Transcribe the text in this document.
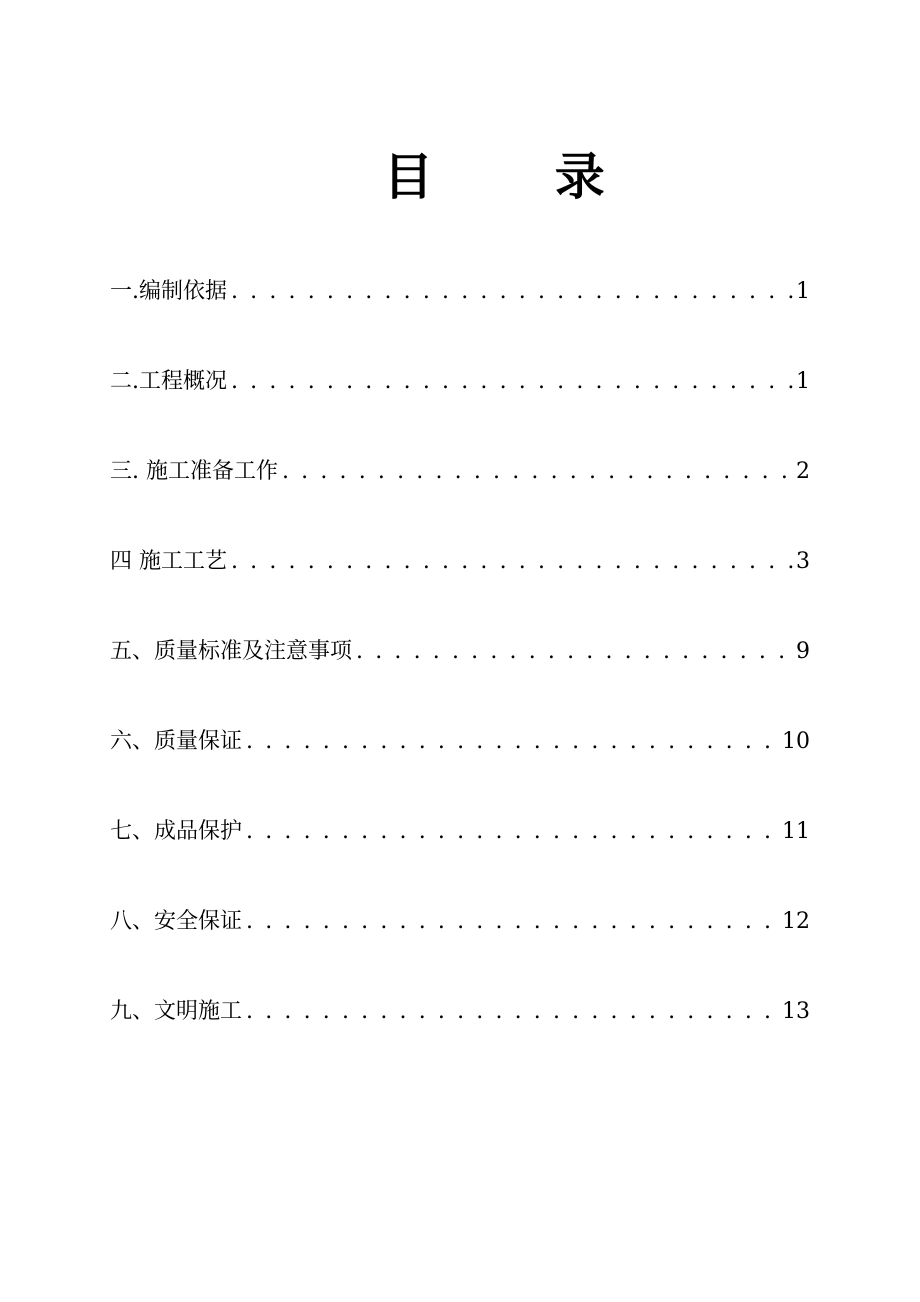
目 录
一.编制依据 . . .	1
二.工程概况 . . .	1
三. 施工准备工作 . . .	2
四 施工工艺 . . .	3
五、质量标准及注意事项 . . .	9
六、质量保证 . . .	10
七、成品保护 . . .	11
八、安全保证 . . .	12
九、文明施工 . . .	13
